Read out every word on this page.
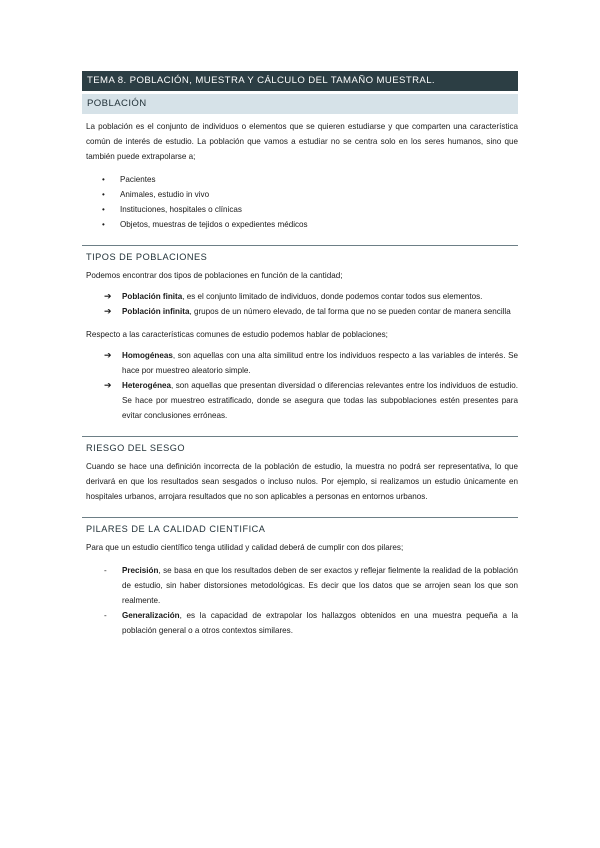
TEMA 8. POBLACIÓN, MUESTRA Y CÁLCULO DEL TAMAÑO MUESTRAL.
POBLACIÓN

La población es el conjunto de individuos o elementos que se quieren estudiarse y que comparten una característica común de interés de estudio. La población que vamos a estudiar no se centra solo en los seres humanos, sino que también puede extrapolarse a;

• Pacientes
• Animales, estudio in vivo
• Instituciones, hospitales o clínicas
• Objetos, muestras de tejidos o expedientes médicos
TIPOS DE POBLACIONES

Podemos encontrar dos tipos de poblaciones en función de la cantidad;

➔ Población finita, es el conjunto limitado de individuos, donde podemos contar todos sus elementos.
➔ Población infinita, grupos de un número elevado, de tal forma que no se pueden contar de manera sencilla

Respecto a las características comunes de estudio podemos hablar de poblaciones;

➔ Homogéneas, son aquellas con una alta similitud entre los individuos respecto a las variables de interés. Se hace por muestreo aleatorio simple.
➔ Heterogénea, son aquellas que presentan diversidad o diferencias relevantes entre los individuos de estudio. Se hace por muestreo estratificado, donde se asegura que todas las subpoblaciones estén presentes para evitar conclusiones erróneas.
RIESGO DEL SESGO

Cuando se hace una definición incorrecta de la población de estudio, la muestra no podrá ser representativa, lo que derivará en que los resultados sean sesgados o incluso nulos. Por ejemplo, si realizamos un estudio únicamente en hospitales urbanos, arrojara resultados que no son aplicables a personas en entornos urbanos.

PILARES DE LA CALIDAD CIENTIFICA

Para que un estudio científico tenga utilidad y calidad deberá de cumplir con dos pilares;

- Precisión, se basa en que los resultados deben de ser exactos y reflejar fielmente la realidad de la población de estudio, sin haber distorsiones metodológicas. Es decir que los datos que se arrojen sean los que son realmente.
- Generalización, es la capacidad de extrapolar los hallazgos obtenidos en una muestra pequeña a la población general o a otros contextos similares.
